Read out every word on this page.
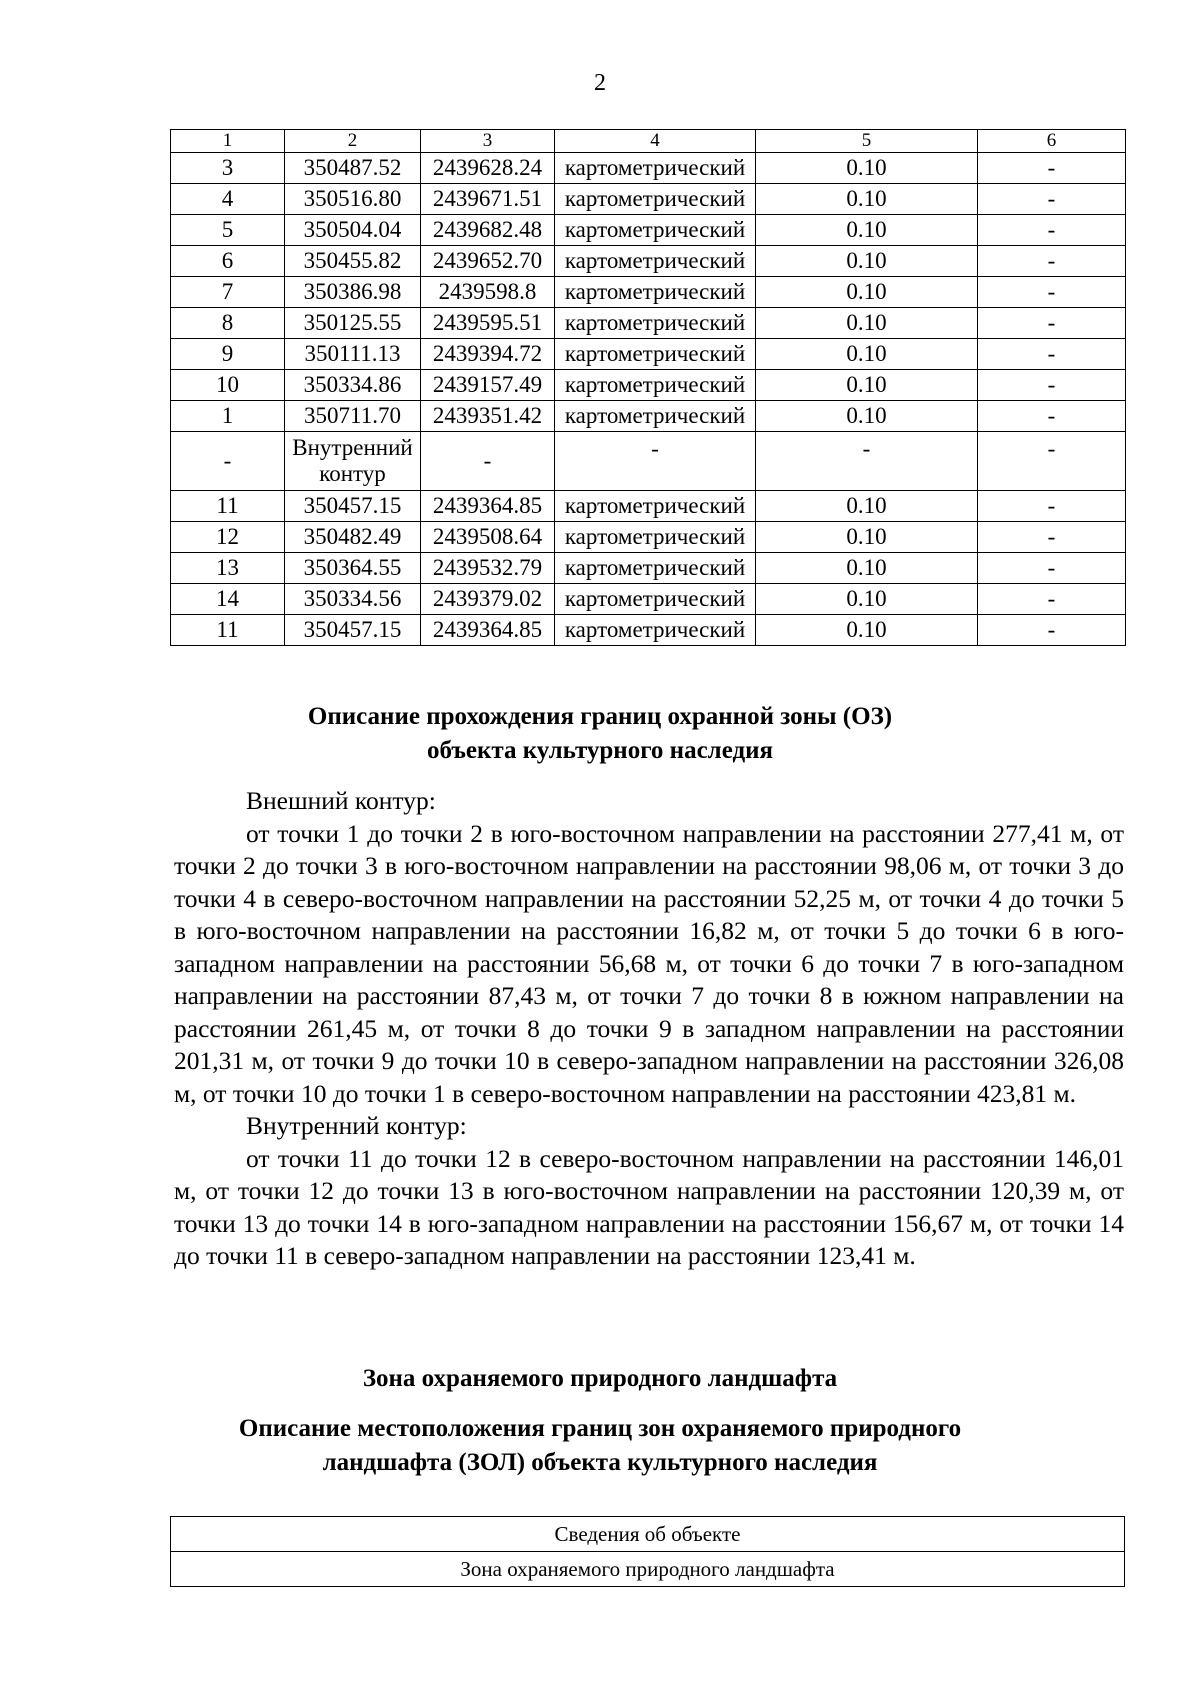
2
1	2	3	4	5	6
3	350487.52	2439628.24	картометрический	0.10	-
4	350516.80	2439671.51	картометрический	0.10	-
5	350504.04	2439682.48	картометрический	0.10	-
6	350455.82	2439652.70	картометрический	0.10	-
7	350386.98	2439598.8	картометрический	0.10	-
8	350125.55	2439595.51	картометрический	0.10	-
9	350111.13	2439394.72	картометрический	0.10	-
10	350334.86	2439157.49	картометрический	0.10	-
1	350711.70	2439351.42	картометрический	0.10	-
-	Внутренний контур	-	-	-	-
11	350457.15	2439364.85	картометрический	0.10	-
12	350482.49	2439508.64	картометрический	0.10	-
13	350364.55	2439532.79	картометрический	0.10	-
14	350334.56	2439379.02	картометрический	0.10	-
11	350457.15	2439364.85	картометрический	0.10	-
Описание прохождения границ охранной зоны (ОЗ)
объекта культурного наследия

Внешний контур:

от точки 1 до точки 2 в юго-восточном направлении на расстоянии 277,41 м, от точки 2 до точки 3 в юго-восточном направлении на расстоянии 98,06 м, от точки 3 до точки 4 в северо-восточном направлении на расстоянии 52,25 м, от точки 4 до точки 5 в юго-восточном направлении на расстоянии 16,82 м, от точки 5 до точки 6 в юго-западном направлении на расстоянии 56,68 м, от точки 6 до точки 7 в юго-западном направлении на расстоянии 87,43 м, от точки 7 до точки 8 в южном направлении на расстоянии 261,45 м, от точки 8 до точки 9 в западном направлении на расстоянии 201,31 м, от точки 9 до точки 10 в северо-западном направлении на расстоянии 326,08 м, от точки 10 до точки 1 в северо-восточном направлении на расстоянии 423,81 м.

Внутренний контур:

от точки 11 до точки 12 в северо-восточном направлении на расстоянии 146,01 м, от точки 12 до точки 13 в юго-восточном направлении на расстоянии 120,39 м, от точки 13 до точки 14 в юго-западном направлении на расстоянии 156,67 м, от точки 14 до точки 11 в северо-западном направлении на расстоянии 123,41 м.

Зона охраняемого природного ландшафта
Описание местоположения границ зон охраняемого природного
ландшафта (ЗОЛ) объекта культурного наследия
Сведения об объекте
Зона охраняемого природного ландшафта
